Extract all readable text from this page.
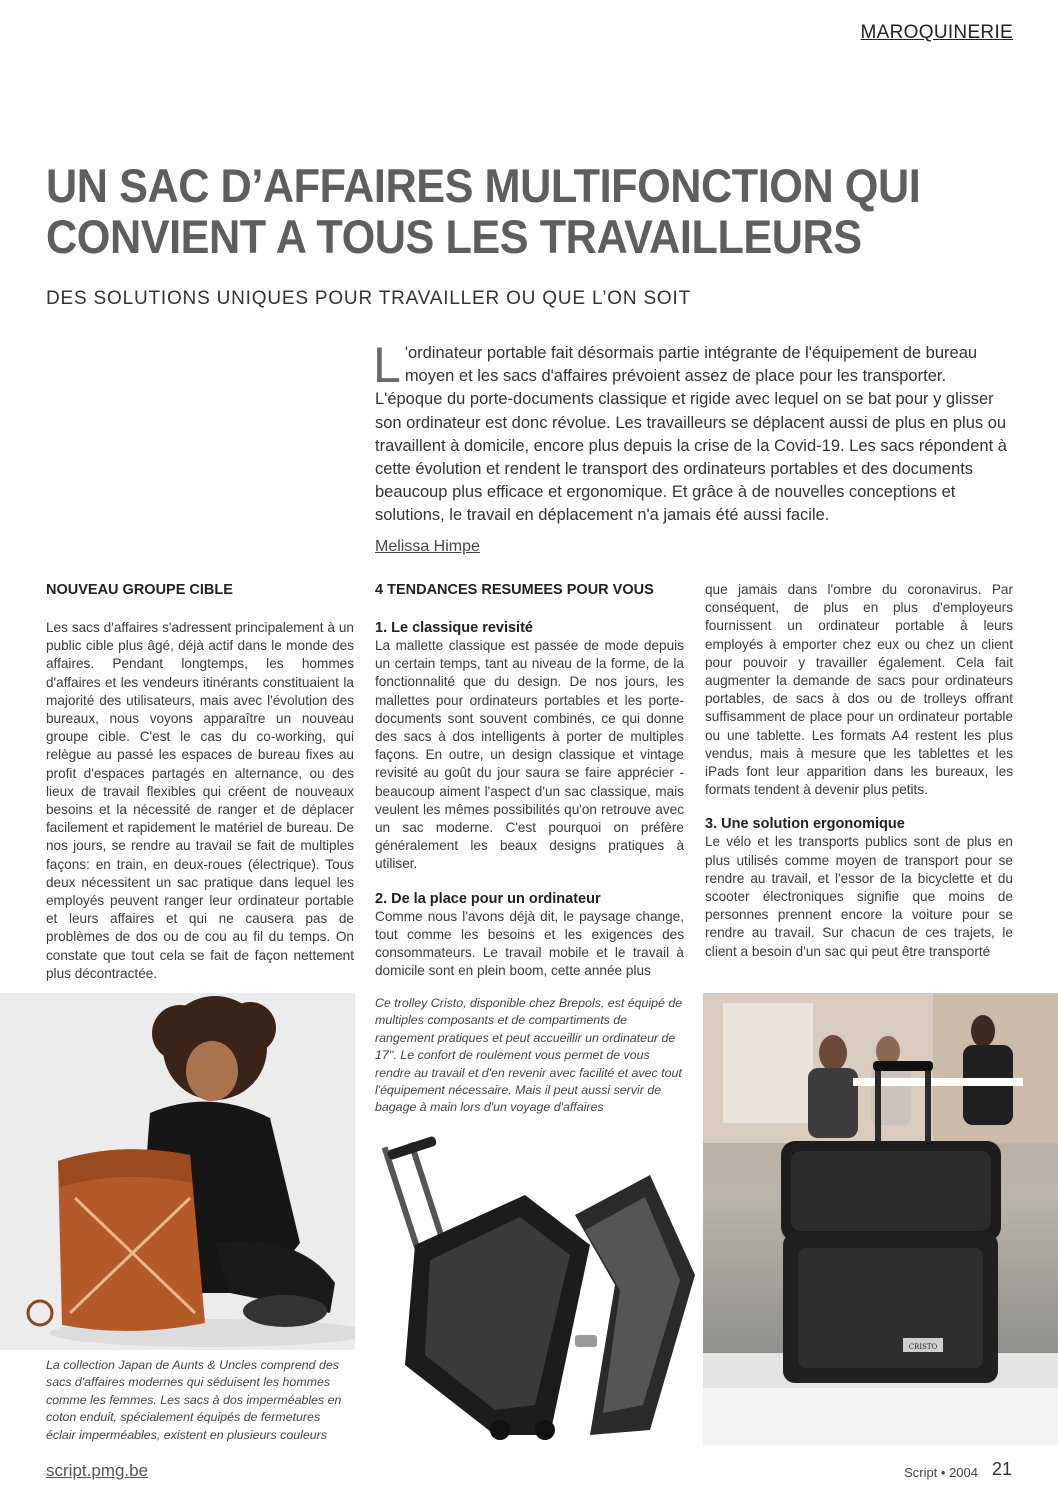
MAROQUINERIE
UN SAC D’AFFAIRES MULTIFONCTION QUI CONVIENT A TOUS LES TRAVAILLEURS
DES SOLUTIONS UNIQUES POUR TRAVAILLER OU QUE L’ON SOIT
L 'ordinateur portable fait désormais partie intégrante de l'équipement de bureau moyen et les sacs d'affaires prévoient assez de place pour les transporter. L'époque du porte-documents classique et rigide avec lequel on se bat pour y glisser son ordinateur est donc révolue. Les travailleurs se déplacent aussi de plus en plus ou travaillent à domicile, encore plus depuis la crise de la Covid-19. Les sacs répondent à cette évolution et rendent le transport des ordinateurs portables et des documents beaucoup plus efficace et ergonomique. Et grâce à de nouvelles conceptions et solutions, le travail en déplacement n'a jamais été aussi facile.
Melissa Himpe
NOUVEAU GROUPE CIBLE

Les sacs d'affaires s'adressent principalement à un public cible plus âgé, déjà actif dans le monde des affaires. Pendant longtemps, les hommes d'affaires et les vendeurs itinérants constituaient la majorité des utilisateurs, mais avec l'évolution des bureaux, nous voyons apparaître un nouveau groupe cible. C'est le cas du co-working, qui relègue au passé les espaces de bureau fixes au profit d'espaces partagés en alternance, ou des lieux de travail flexibles qui créent de nouveaux besoins et la nécessité de ranger et de déplacer facilement et rapidement le matériel de bureau. De nos jours, se rendre au travail se fait de multiples façons: en train, en deux-roues (électrique). Tous deux nécessitent un sac pratique dans lequel les employés peuvent ranger leur ordinateur portable et leurs affaires et qui ne causera pas de problèmes de dos ou de cou au fil du temps. On constate que tout cela se fait de façon nettement plus décontractée.

4 TENDANCES RESUMEES POUR VOUS
1. Le classique revisité

La mallette classique est passée de mode depuis un certain temps, tant au niveau de la forme, de la fonctionnalité que du design. De nos jours, les mallettes pour ordinateurs portables et les porte-documents sont souvent combinés, ce qui donne des sacs à dos intelligents à porter de multiples façons. En outre, un design classique et vintage revisité au goût du jour saura se faire apprécier - beaucoup aiment l'aspect d'un sac classique, mais veulent les mêmes possibilités qu'on retrouve avec un sac moderne. C'est pourquoi on préfère généralement les beaux designs pratiques à utiliser.

2. De la place pour un ordinateur

Comme nous l'avons déjà dit, le paysage change, tout comme les besoins et les exigences des consommateurs. Le travail mobile et le travail à domicile sont en plein boom, cette année plus

que jamais dans l'ombre du coronavirus. Par conséquent, de plus en plus d'employeurs fournissent un ordinateur portable à leurs employés à emporter chez eux ou chez un client pour pouvoir y travailler également. Cela fait augmenter la demande de sacs pour ordinateurs portables, de sacs à dos ou de trolleys offrant suffisamment de place pour un ordinateur portable ou une tablette. Les formats A4 restent les plus vendus, mais à mesure que les tablettes et les iPads font leur apparition dans les bureaux, les formats tendent à devenir plus petits.

3. Une solution ergonomique

Le vélo et les transports publics sont de plus en plus utilisés comme moyen de transport pour se rendre au travail, et l'essor de la bicyclette et du scooter électroniques signifie que moins de personnes prennent encore la voiture pour se rendre au travail. Sur chacun de ces trajets, le client a besoin d'un sac qui peut être transporté

La collection Japan de Aunts & Uncles comprend des sacs d'affaires modernes qui séduisent les hommes comme les femmes. Les sacs à dos imperméables en coton enduit, spécialement équipés de fermetures éclair imperméables, existent en plusieurs couleurs
Ce trolley Cristo, disponible chez Brepols, est équipé de multiples composants et de compartiments de rangement pratiques et peut accueillir un ordinateur de 17''. Le confort de roulement vous permet de vous rendre au travail et d'en revenir avec facilité et avec tout l'équipement nécessaire. Mais il peut aussi servir de bagage à main lors d'un voyage d'affaires
CRISTO
script.pmg.be	Script • 2004 21
